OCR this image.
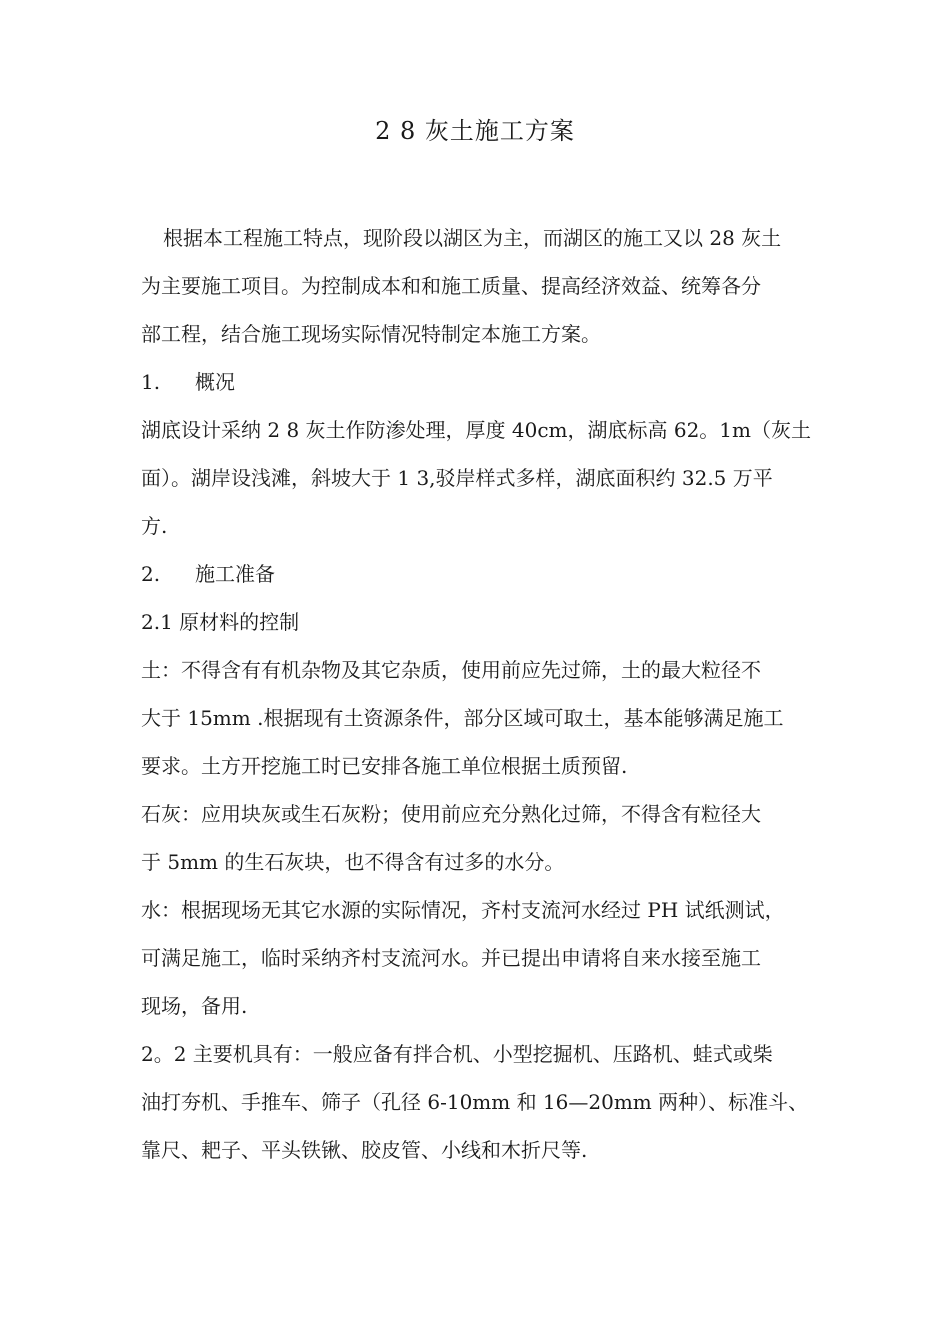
2 8 灰土施工方案
根据本工程施工特点，现阶段以湖区为主，而湖区的施工又以 28 灰土
为主要施工项目。为控制成本和和施工质量、提高经济效益、统筹各分
部工程，结合施工现场实际情况特制定本施工方案。
1. 概况
湖底设计采纳 2 8 灰土作防渗处理，厚度 40cm，湖底标高 62。1m（灰土
面）。湖岸设浅滩，斜坡大于 1 3,驳岸样式多样，湖底面积约 32.5 万平
方.
2. 施工准备
2.1 原材料的控制
土：不得含有有机杂物及其它杂质，使用前应先过筛，土的最大粒径不
大于 15mm .根据现有土资源条件，部分区域可取土，基本能够满足施工
要求。土方开挖施工时已安排各施工单位根据土质预留.
石灰：应用块灰或生石灰粉；使用前应充分熟化过筛，不得含有粒径大
于 5mm 的生石灰块，也不得含有过多的水分。
水：根据现场无其它水源的实际情况，齐村支流河水经过 PH 试纸测试，
可满足施工，临时采纳齐村支流河水。并已提出申请将自来水接至施工
现场，备用.
2。2 主要机具有：一般应备有拌合机、小型挖掘机、压路机、蛙式或柴
油打夯机、手推车、筛子（孔径 6-10mm 和 16—20mm 两种）、标准斗、
靠尺、耙子、平头铁锹、胶皮管、小线和木折尺等.
